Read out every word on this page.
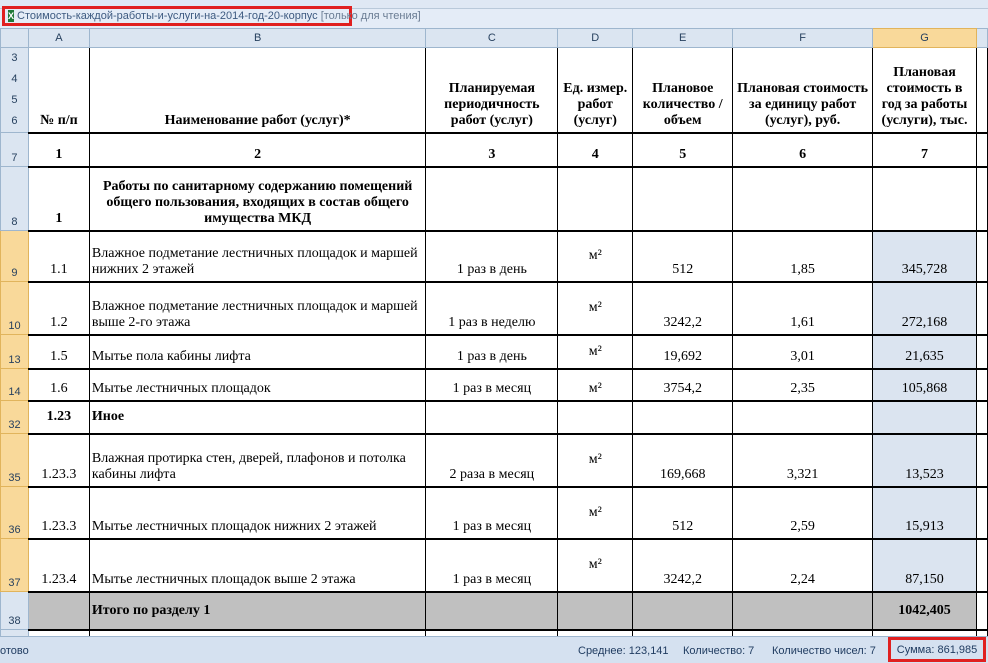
X Стоимость-каждой-работы-и-услуги-на-2014-год-20-корпус [только для чтения]
	A	B	C	D	E	F	G	

3
4
5
6	№ п/п	Наименование работ (услуг)*	Планируемая периодичность работ (услуг)	Ед. измер. работ (услуг)	Плановое количество /объем	Плановая стоимость за единицу работ (услуг), руб.	Плановая стоимость в год за работы (услуги), тыс.	
7	1	2	3	4	5	6	7	
8	1	Работы по санитарному содержанию помещений общего пользования, входящих в состав общего имущества МКД						
9	1.1	Влажное подметание лестничных площадок и маршей нижних 2 этажей	1 раз в день	м²	512	1,85	345,728	
10	1.2	Влажное подметание лестничных площадок и маршей выше 2-го этажа	1 раз в неделю	м²	3242,2	1,61	272,168	
13	1.5	Мытье пола кабины лифта	1 раз в день	м²	19,692	3,01	21,635	
14	1.6	Мытье лестничных площадок	1 раз в месяц	м²	3754,2	2,35	105,868	
32	1.23	Иное						
35	1.23.3	Влажная протирка стен, дверей, плафонов и потолка кабины лифта	2 раза в месяц	м²	169,668	3,321	13,523	
36	1.23.3	Мытье лестничных площадок нижних 2 этажей	1 раз в месяц	м²	512	2,59	15,913	
37	1.23.4	Мытье лестничных площадок выше 2 этажа	1 раз в месяц	м²	3242,2	2,24	87,150	
38		Итого по разделу 1					1042,405	

отово	Среднее: 123,141 Количество: 7 Количество чисел: 7	Сумма: 861,985
